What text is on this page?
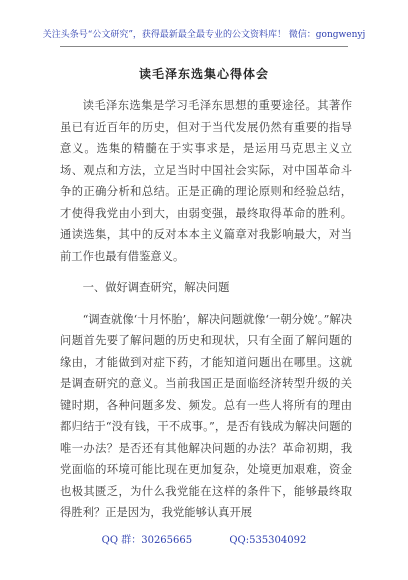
关注头条号“公文研究”，获得最新最全最专业的公文资料库！ 微信：gongwenyj
读毛泽东选集心得体会

读毛泽东选集是学习毛泽东思想的重要途径。其著作虽已有近百年的历史，但对于当代发展仍然有重要的指导意义。选集的精髓在于实事求是，是运用马克思主义立场、观点和方法，立足当时中国社会实际，对中国革命斗争的正确分析和总结。正是正确的理论原则和经验总结，才使得我党由小到大，由弱变强，最终取得革命的胜利。通读选集，其中的反对本本主义篇章对我影响最大，对当前工作也最有借鉴意义。

一、做好调查研究，解决问题

“调查就像‘十月怀胎’，解决问题就像‘一朝分娩’。”解决问题首先要了解问题的历史和现状，只有全面了解问题的缘由，才能做到对症下药，才能知道问题出在哪里。这就是调查研究的意义。当前我国正是面临经济转型升级的关键时期，各种问题多发、频发。总有一些人将所有的理由都归结于“没有钱，干不成事。”，是否有钱成为解决问题的唯一办法？是否还有其他解决问题的办法？革命初期，我党面临的环境可能比现在更加复杂，处境更加艰难，资金也极其匮乏，为什么我党能在这样的条件下，能够最终取得胜利？正是因为，我党能够认真开展

QQ 群：30265665	QQ:535304092
